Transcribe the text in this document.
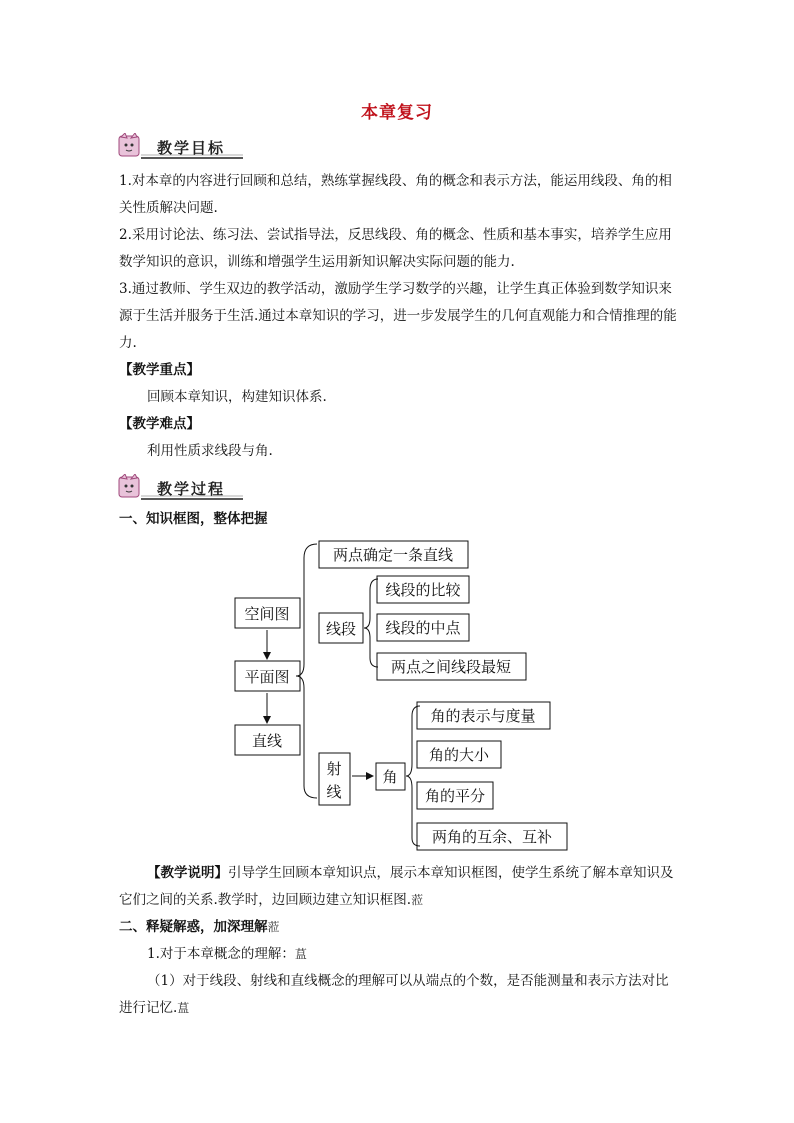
本章复习
教学目标
1.对本章的内容进行回顾和总结，熟练掌握线段、角的概念和表示方法，能运用线段、角的相关性质解决问题.
2.采用讨论法、练习法、尝试指导法，反思线段、角的概念、性质和基本事实，培养学生应用数学知识的意识，训练和增强学生运用新知识解决实际问题的能力.
3.通过教师、学生双边的教学活动，激励学生学习数学的兴趣，让学生真正体验到数学知识来源于生活并服务于生活.通过本章知识的学习，进一步发展学生的几何直观能力和合情推理的能力.
【教学重点】
回顾本章知识，构建知识体系.
【教学难点】
利用性质求线段与角.
教学过程
一、知识框图，整体把握
空间图
平面图
直线
两点确定一条直线
线段
线段的比较
线段的中点
两点之间线段最短
射
线
角
角的表示与度量
角的大小
角的平分
两角的互余、互补
【教学说明】引导学生回顾本章知识点，展示本章知识框图，使学生系统了解本章知识及它们之间的关系.教学时，边回顾边建立知识框图.蒞
二、释疑解惑，加深理解蒞
1.对于本章概念的理解：蒀
（1）对于线段、射线和直线概念的理解可以从端点的个数，是否能测量和表示方法对比进行记忆.蒀
